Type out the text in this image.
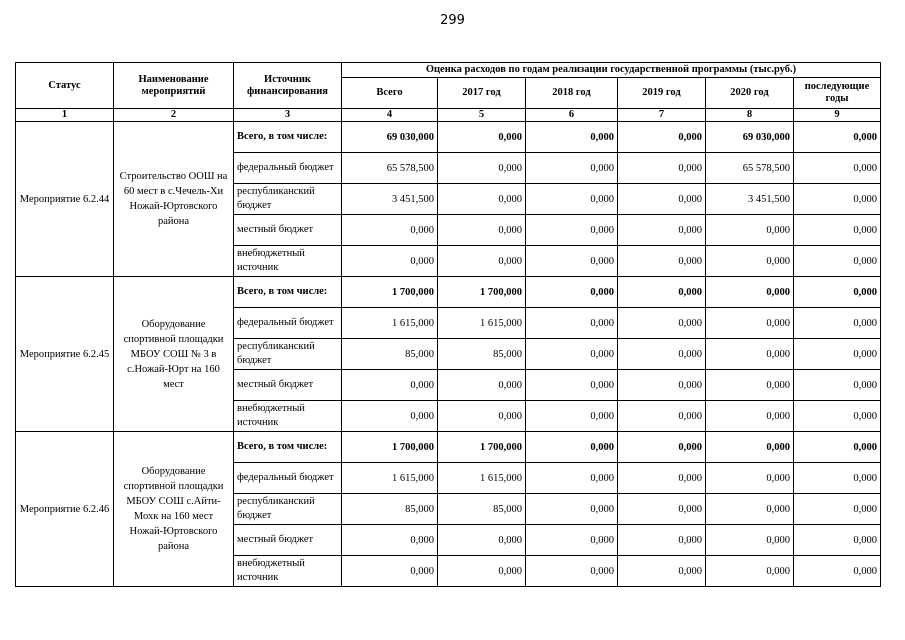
299
Статус	Наименование мероприятий	Источник финансирования	Оценка расходов по годам реализации государственной программы (тыс.руб.)					
			Всего	2017 год	2018 год	2019 год	2020 год	последующие годы
1	2	3	4	5	6	7	8	9
Мероприятие 6.2.44	Строительство ООШ на 60 мест в с.Чечель-Хи Ножай-Юртовского района	Всего, в том числе:	69 030,000	0,000	0,000	0,000	69 030,000	0,000
		федеральный бюджет	65 578,500	0,000	0,000	0,000	65 578,500	0,000
		республиканский бюджет	3 451,500	0,000	0,000	0,000	3 451,500	0,000
		местный бюджет	0,000	0,000	0,000	0,000	0,000	0,000
		внебюджетный источник	0,000	0,000	0,000	0,000	0,000	0,000
Мероприятие 6.2.45	Оборудование спортивной площадки МБОУ СОШ № 3 в с.Ножай-Юрт на 160 мест	Всего, в том числе:	1 700,000	1 700,000	0,000	0,000	0,000	0,000
		федеральный бюджет	1 615,000	1 615,000	0,000	0,000	0,000	0,000
		республиканский бюджет	85,000	85,000	0,000	0,000	0,000	0,000
		местный бюджет	0,000	0,000	0,000	0,000	0,000	0,000
		внебюджетный источник	0,000	0,000	0,000	0,000	0,000	0,000
Мероприятие 6.2.46	Оборудование спортивной площадки МБОУ СОШ с.Айти-Мохк на 160 мест Ножай-Юртовского района	Всего, в том числе:	1 700,000	1 700,000	0,000	0,000	0,000	0,000
		федеральный бюджет	1 615,000	1 615,000	0,000	0,000	0,000	0,000
		республиканский бюджет	85,000	85,000	0,000	0,000	0,000	0,000
		местный бюджет	0,000	0,000	0,000	0,000	0,000	0,000
		внебюджетный источник	0,000	0,000	0,000	0,000	0,000	0,000
